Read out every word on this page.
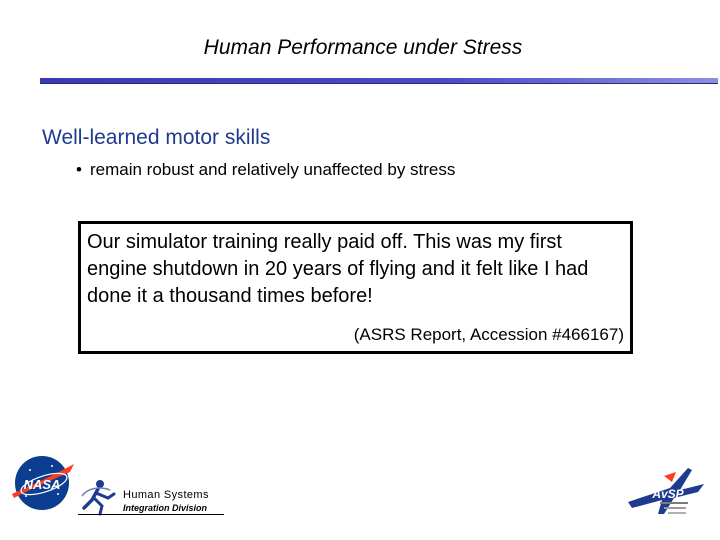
Human Performance under Stress
Well-learned motor skills
• remain robust and relatively unaffected by stress
Our simulator training really paid off. This was my first engine shutdown in 20 years of flying and it felt like I had done it a thousand times before!
(ASRS Report, Accession #466167)
NASA
Human Systems
Integration Division
AvSP
